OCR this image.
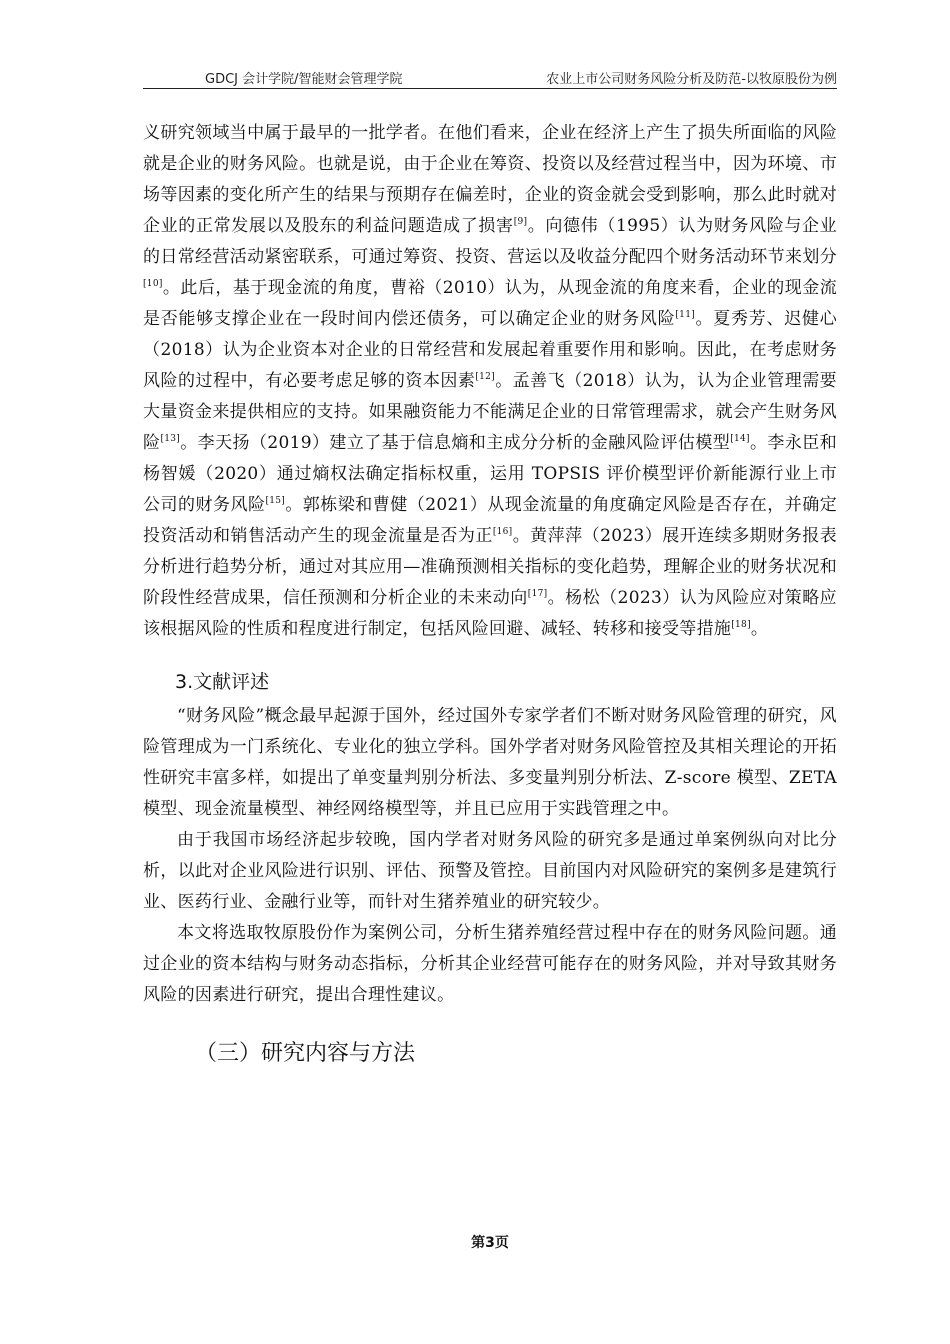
GDCJ 会计学院/智能财会管理学院	农业上市公司财务风险分析及防范-以牧原股份为例

义研究领域当中属于最早的一批学者。在他们看来，企业在经济上产生了损失所面临的风险就是企业的财务风险。也就是说，由于企业在筹资、投资以及经营过程当中，因为环境、市场等因素的变化所产生的结果与预期存在偏差时，企业的资金就会受到影响，那么此时就对企业的正常发展以及股东的利益问题造成了损害[9]。向德伟（1995）认为财务风险与企业的日常经营活动紧密联系，可通过筹资、投资、营运以及收益分配四个财务活动环节来划分[10]。此后，基于现金流的角度，曹裕（2010）认为，从现金流的角度来看，企业的现金流是否能够支撑企业在一段时间内偿还债务，可以确定企业的财务风险[11]。夏秀芳、迟健心（2018）认为企业资本对企业的日常经营和发展起着重要作用和影响。因此，在考虑财务风险的过程中，有必要考虑足够的资本因素[12]。孟善飞（2018）认为，认为企业管理需要大量资金来提供相应的支持。如果融资能力不能满足企业的日常管理需求，就会产生财务风险[13]。李天扬（2019）建立了基于信息熵和主成分分析的金融风险评估模型[14]。李永臣和杨智媛（2020）通过熵权法确定指标权重，运用 TOPSIS 评价模型评价新能源行业上市公司的财务风险[15]。郭栋梁和曹健（2021）从现金流量的角度确定风险是否存在，并确定投资活动和销售活动产生的现金流量是否为正[16]。黄萍萍（2023）展开连续多期财务报表分析进行趋势分析，通过对其应用—准确预测相关指标的变化趋势，理解企业的财务状况和阶段性经营成果，信任预测和分析企业的未来动向[17]。杨松（2023）认为风险应对策略应该根据风险的性质和程度进行制定，包括风险回避、减轻、转移和接受等措施[18]。

3.文献评述

“财务风险”概念最早起源于国外，经过国外专家学者们不断对财务风险管理的研究，风险管理成为一门系统化、专业化的独立学科。国外学者对财务风险管控及其相关理论的开拓性研究丰富多样，如提出了单变量判别分析法、多变量判别分析法、Z-score 模型、ZETA 模型、现金流量模型、神经网络模型等，并且已应用于实践管理之中。

由于我国市场经济起步较晚，国内学者对财务风险的研究多是通过单案例纵向对比分析，以此对企业风险进行识别、评估、预警及管控。目前国内对风险研究的案例多是建筑行业、医药行业、金融行业等，而针对生猪养殖业的研究较少。

本文将选取牧原股份作为案例公司，分析生猪养殖经营过程中存在的财务风险问题。通过企业的资本结构与财务动态指标，分析其企业经营可能存在的财务风险，并对导致其财务风险的因素进行研究，提出合理性建议。

（三）研究内容与方法
第3页
